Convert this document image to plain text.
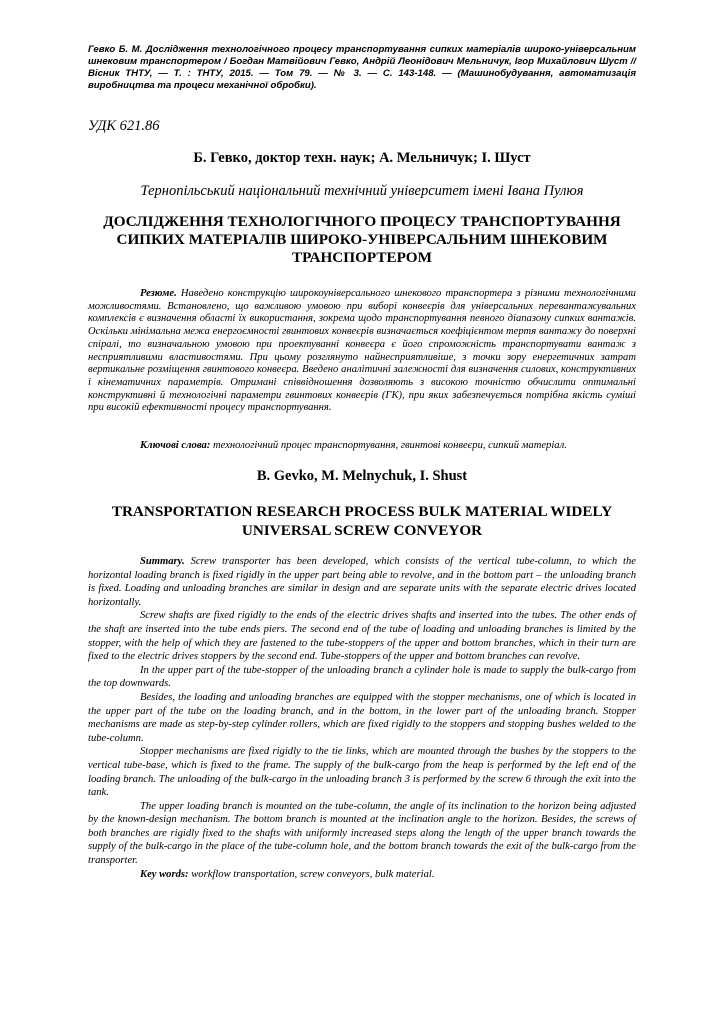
Гевко Б. М. Дослідження технологічного процесу транспортування сипких матеріалів широко-універсальним шнековим транспортером / Богдан Матвійович Гевко, Андрій Леонідович Мельничук, Ігор Михайлович Шуст // Вісник ТНТУ, — Т. : ТНТУ, 2015. — Том 79. — № 3. — С. 143-148. — (Машинобудування, автоматизація виробництва та процеси механічної обробки).
УДК 621.86
Б. Гевко, доктор техн. наук; А. Мельничук; І. Шуст
Тернопільський національний технічний університет імені Івана Пулюя
ДОСЛІДЖЕННЯ ТЕХНОЛОГІЧНОГО ПРОЦЕСУ ТРАНСПОРТУВАННЯ СИПКИХ МАТЕРІАЛІВ ШИРОКО-УНІВЕРСАЛЬНИМ ШНЕКОВИМ ТРАНСПОРТЕРОМ

Резюме. Наведено конструкцію широкоуніверсального шнекового транспортера з різними технологічними можливостями. Встановлено, що важливою умовою при виборі конвеєрів для універсальних перевантажувальних комплексів є визначення області їх використання, зокрема щодо транспортування певного діапазону сипких вантажів. Оскільки мінімальна межа енергоємності гвинтових конвеєрів визначається коефіцієнтом тертя вантажу до поверхні спіралі, то визначальною умовою при проектуванні конвеєра є його спроможність транспортувати вантаж з несприятливими властивостями. При цьому розглянуто найнесприятливіше, з точки зору енергетичних затрат вертикальне розміщення гвинтового конвеєра. Введено аналітичні залежності для визначення силових, конструктивних і кінематичних параметрів. Отримані співвідношення дозволяють з високою точністю обчислити оптимальні конструктивні й технологічні параметри гвинтових конвеєрів (ГК), при яких забезпечується потрібна якість суміші при високій ефективності процесу транспортування.

Ключові слова: технологічний процес транспортування, гвинтові конвеєри, сипкий матеріал.
B. Gevko, M. Melnychuk, I. Shust
TRANSPORTATION RESEARCH PROCESS BULK MATERIAL WIDELY UNIVERSAL SCREW CONVEYOR

Summary. Screw transporter has been developed, which consists of the vertical tube-column, to which the horizontal loading branch is fixed rigidly in the upper part being able to revolve, and in the bottom part – the unloading branch is fixed. Loading and unloading branches are similar in design and are separate units with the separate electric drives located horizontally.

Screw shafts are fixed rigidly to the ends of the electric drives shafts and inserted into the tubes. The other ends of the shaft are inserted into the tube ends piers. The second end of the tube of loading and unloading branches is limited by the stopper, with the help of which they are fastened to the tube-stoppers of the upper and bottom branches, which in their turn are fixed to the electric drives stoppers by the second end. Tube-stoppers of the upper and bottom branches can revolve.

In the upper part of the tube-stopper of the unloading branch a cylinder hole is made to supply the bulk-cargo from the top downwards.

Besides, the loading and unloading branches are equipped with the stopper mechanisms, one of which is located in the upper part of the tube on the loading branch, and in the bottom, in the lower part of the unloading branch. Stopper mechanisms are made as step-by-step cylinder rollers, which are fixed rigidly to the stoppers and stopping bushes welded to the tube-column.

Stopper mechanisms are fixed rigidly to the tie links, which are mounted through the bushes by the stoppers to the vertical tube-base, which is fixed to the frame. The supply of the bulk-cargo from the heap is performed by the left end of the loading branch. The unloading of the bulk-cargo in the unloading branch 3 is performed by the screw 6 through the exit into the tank.

The upper loading branch is mounted on the tube-column, the angle of its inclination to the horizon being adjusted by the known-design mechanism. The bottom branch is mounted at the inclination angle to the horizon. Besides, the screws of both branches are rigidly fixed to the shafts with uniformly increased steps along the length of the upper branch towards the supply of the bulk-cargo in the place of the tube-column hole, and the bottom branch towards the exit of the bulk-cargo from the transporter.

Key words: workflow transportation, screw conveyors, bulk material.
